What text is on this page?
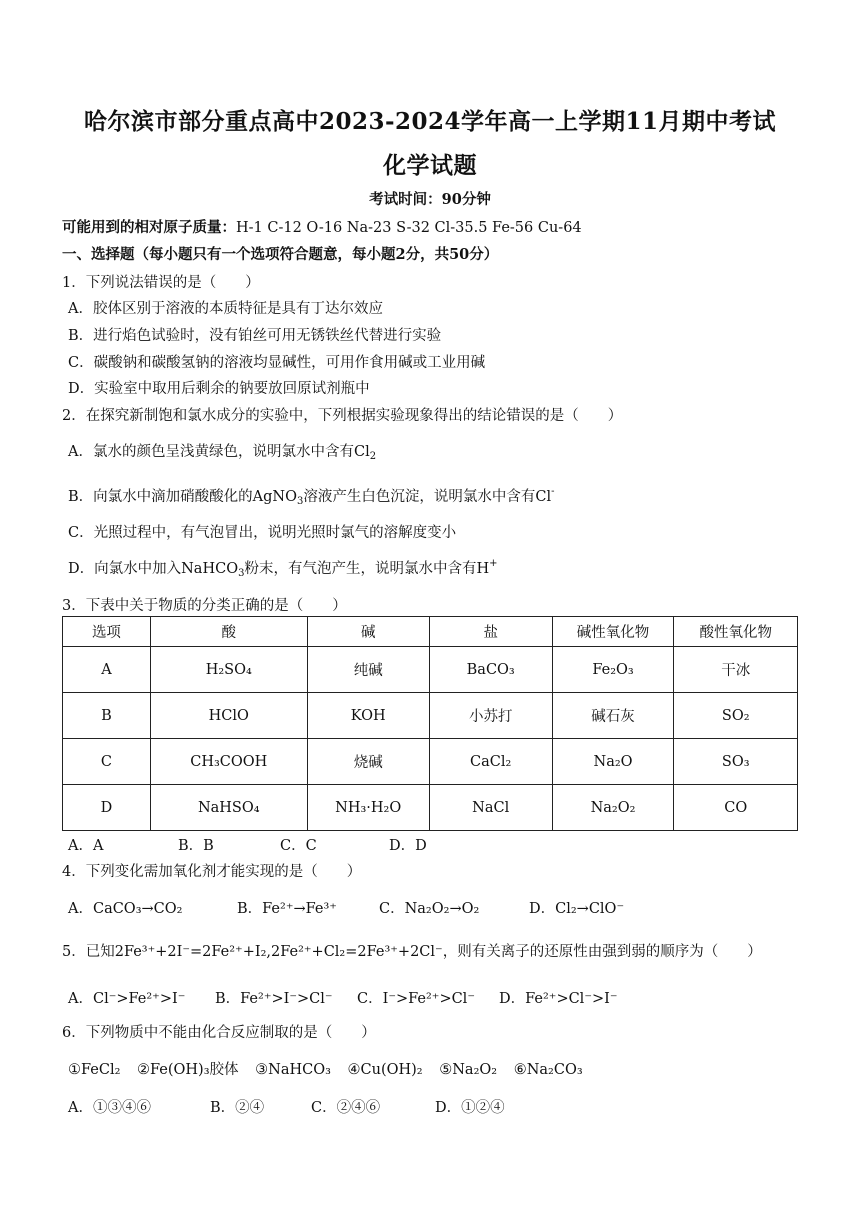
哈尔滨市部分重点高中2023-2024学年高一上学期11月期中考试
化学试题
考试时间：90分钟
可能用到的相对原子质量：H-1 C-12 O-16 Na-23 S-32 Cl-35.5 Fe-56 Cu-64
一、选择题（每小题只有一个选项符合题意，每小题2分，共50分）
1．下列说法错误的是（　　）
A．胶体区别于溶液的本质特征是具有丁达尔效应
B．进行焰色试验时，没有铂丝可用无锈铁丝代替进行实验
C．碳酸钠和碳酸氢钠的溶液均显碱性，可用作食用碱或工业用碱
D．实验室中取用后剩余的钠要放回原试剂瓶中
2．在探究新制饱和氯水成分的实验中，下列根据实验现象得出的结论错误的是（　　）
A．氯水的颜色呈浅黄绿色，说明氯水中含有$Cl_2$
B．向氯水中滴加硝酸酸化的AgNO$_3$溶液产生白色沉淀，说明氯水中含有Cl-
C．光照过程中，有气泡冒出，说明光照时氯气的溶解度变小
D．向氯水中加入NaHCO$_3$粉末，有气泡产生，说明氯水中含有H+
3．下表中关于物质的分类正确的是（　　）
选项	酸	碱	盐	碱性氧化物	酸性氧化物
A	H₂SO₄	纯碱	BaCO₃	Fe₂O₃	干冰
B	HClO	KOH	小苏打	碱石灰	SO₂
C	CH₃COOH	烧碱	CaCl₂	Na₂O	SO₃
D	NaHSO₄	NH₃·H₂O	NaCl	Na₂O₂	CO
A．A	B．B	C．C	D．D
4．下列变化需加氧化剂才能实现的是（　　）
A．CaCO₃→CO₂	B．Fe²⁺→Fe³⁺	C．Na₂O₂→O₂	D．Cl₂→ClO⁻
5．已知2Fe³⁺+2I⁻=2Fe²⁺+I₂,2Fe²⁺+Cl₂=2Fe³⁺+2Cl⁻，则有关离子的还原性由强到弱的顺序为（　　）
A．Cl⁻>Fe²⁺>I⁻ B．Fe²⁺>I⁻>Cl⁻ C．I⁻>Fe²⁺>Cl⁻ D．Fe²⁺>Cl⁻>I⁻
6．下列物质中不能由化合反应制取的是（　　）
①FeCl₂ ②Fe(OH)₃胶体 ③NaHCO₃ ④Cu(OH)₂ ⑤Na₂O₂ ⑥Na₂CO₃
A．①③④⑥	B．②④	C．②④⑥	D．①②④
